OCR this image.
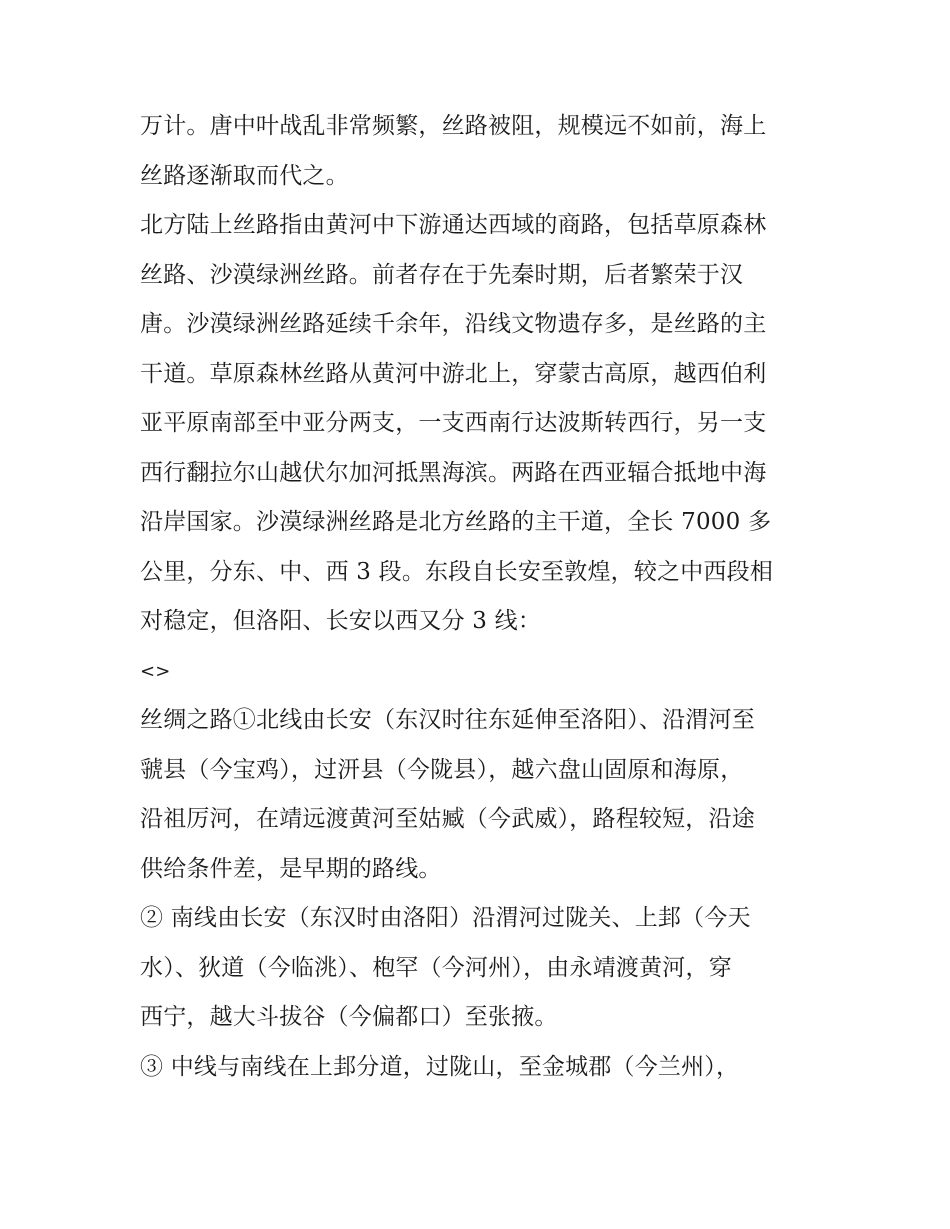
万计。唐中叶战乱非常频繁，丝路被阻，规模远不如前，海上
丝路逐渐取而代之。
北方陆上丝路指由黄河中下游通达西域的商路，包括草原森林
丝路、沙漠绿洲丝路。前者存在于先秦时期，后者繁荣于汉
唐。沙漠绿洲丝路延续千余年，沿线文物遗存多，是丝路的主
干道。草原森林丝路从黄河中游北上，穿蒙古高原，越西伯利
亚平原南部至中亚分两支，一支西南行达波斯转西行，另一支
西行翻拉尔山越伏尔加河抵黑海滨。两路在西亚辐合抵地中海
沿岸国家。沙漠绿洲丝路是北方丝路的主干道，全长 7000 多
公里，分东、中、西 3 段。东段自长安至敦煌，较之中西段相
对稳定，但洛阳、长安以西又分 3 线：
<>
丝绸之路①北线由长安（东汉时往东延伸至洛阳）、沿渭河至
虢县（今宝鸡），过汧县（今陇县），越六盘山固原和海原，
沿祖厉河，在靖远渡黄河至姑臧（今武威），路程较短，沿途
供给条件差，是早期的路线。
② 南线由长安（东汉时由洛阳）沿渭河过陇关、上邽（今天
水）、狄道（今临洮）、枹罕（今河州），由永靖渡黄河，穿
西宁，越大斗拔谷（今偏都口）至张掖。
③ 中线与南线在上邽分道，过陇山，至金城郡（今兰州），
